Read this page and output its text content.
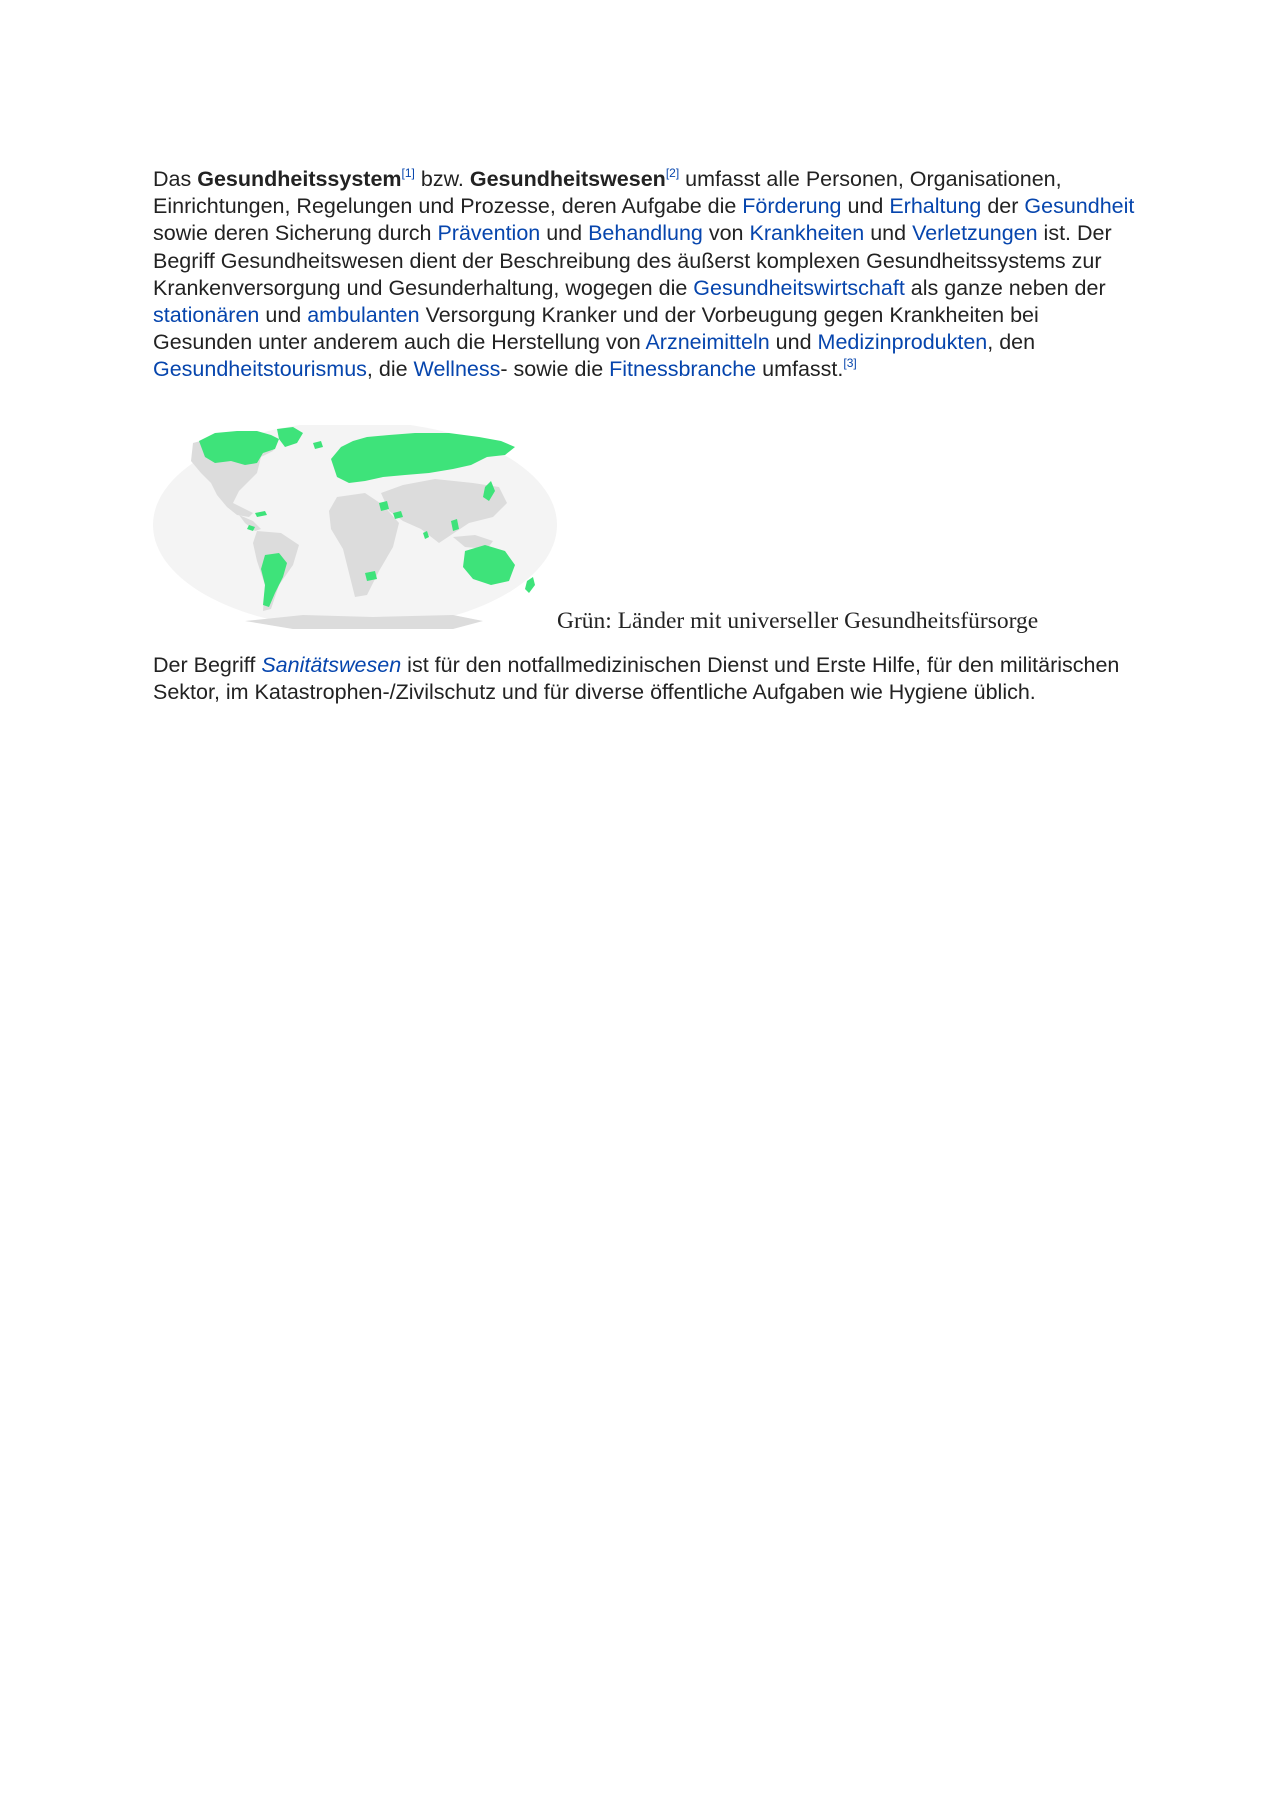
Das Gesundheitssystem[1] bzw. Gesundheitswesen[2] umfasst alle Personen, Organisationen, Einrichtungen, Regelungen und Prozesse, deren Aufgabe die Förderung und Erhaltung der Gesundheit sowie deren Sicherung durch Prävention und Behandlung von Krankheiten und Verletzungen ist. Der Begriff Gesundheitswesen dient der Beschreibung des äußerst komplexen Gesundheitssystems zur Krankenversorgung und Gesunderhaltung, wogegen die Gesundheitswirtschaft als ganze neben der stationären und ambulanten Versorgung Kranker und der Vorbeugung gegen Krankheiten bei Gesunden unter anderem auch die Herstellung von Arzneimitteln und Medizinprodukten, den Gesundheitstourismus, die Wellness- sowie die Fitnessbranche umfasst.[3]

Grün: Länder mit universeller Gesundheitsfürsorge

Der Begriff Sanitätswesen ist für den notfallmedizinischen Dienst und Erste Hilfe, für den militärischen Sektor, im Katastrophen-/Zivilschutz und für diverse öffentliche Aufgaben wie Hygiene üblich.
